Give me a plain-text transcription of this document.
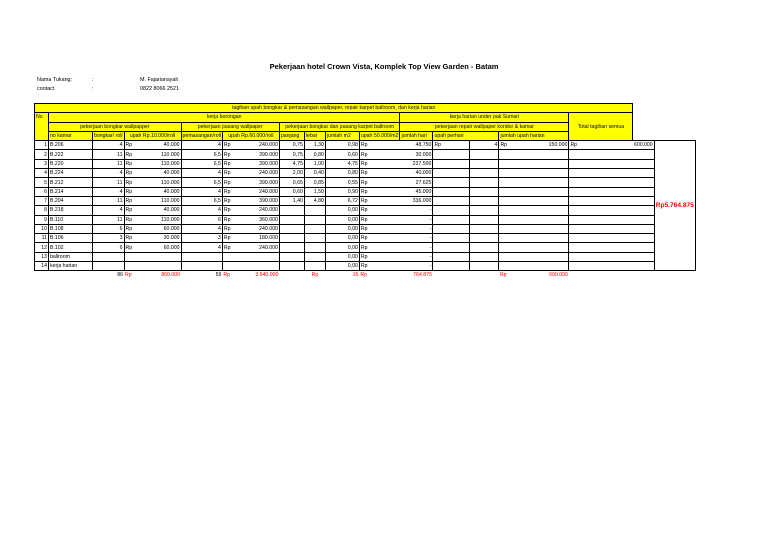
Pekerjaan hotel Crown Vista, Komplek Top View Garden - Batam
Nama Tukang:	:	M. Fajariansyah
contact	:	0822 8066 2521
tagihan upah bongkar & pemasangan wallpaper, repair karpet ballroom, dan kerja harian																			
No	kerja borongan											kerja harian under pak Sumari					Total tagihan semua		
	pekerjaan bongkar wallpapper				pekerjaan pasang wallpaper			pekerjaan bongkar dan pasang karpet ballroom				pekerjaan repair wallpaper koridor & kamar							
	no kamar	bongkar/ roll	upah Rp.10.000/roll		pemasangan/roll	upah Rp.60.000/roll		panjang	lebar	jumlah m2	upah 50.000/m2	jumlah hari	upah perhari		jumlah upah harian				
1	B.206	4	Rp	40.000	4	Rp	240.000	0,75	1,30	0,98	Rp	48.750	Rp	4	Rp	150.000	Rp	600.000	Rp 5.764.875
2	B.222	11	Rp	110.000	6,5	Rp	390.000	0,75	0,80	0,60	Rp	30.000							
3	B.220	11	Rp	110.000	6,5	Rp	390.000	4,75	1,00	4,75	Rp	237.500							
4	B.224	4	Rp	40.000	4	Rp	240.000	2,00	0,40	0,80	Rp	40.000							
5	B.212	11	Rp	110.000	6,5	Rp	390.000	0,65	0,85	0,55	Rp	27.625							
6	B.214	4	Rp	40.000	4	Rp	240.000	0,60	1,50	0,90	Rp	45.000							
7	B.204	11	Rp	110.000	6,5	Rp	390.000	1,40	4,80	6,72	Rp	336.000							
8	B.218	4	Rp	40.000	4	Rp	240.000			0,00	Rp	-							
9	B.110	11	Rp	110.000	6	Rp	360.000			0,00	Rp	-							
10	B.108	6	Rp	60.000	4	Rp	240.000			0,00	Rp	-							
11	B.106	3	Rp	30.000	3	Rp	180.000			0,00	Rp	-							
12	B.102	6	Rp	60.000	4	Rp	240.000			0,00	Rp	-							
13	ballroom									0,00	Rp	-							
14	kerja harian									0,00	Rp	-							
		86	Rp	860.000	59	Rp	3.540.000		Rp	15	Rp	764.875			Rp	600.000			
